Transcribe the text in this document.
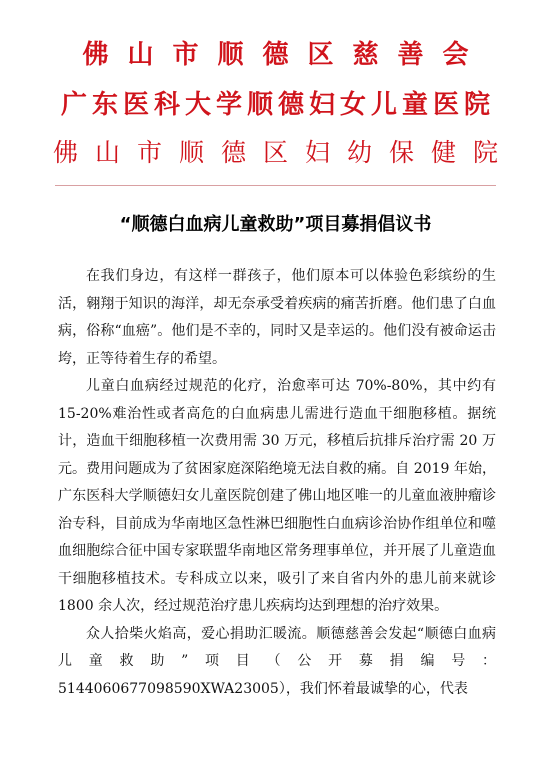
佛山市顺德区慈善会
广东医科大学顺德妇女儿童医院
佛山市顺德区妇幼保健院
“顺德白血病儿童救助”项目募捐倡议书

在我们身边，有这样一群孩子，他们原本可以体验色彩缤纷的生活，翱翔于知识的海洋，却无奈承受着疾病的痛苦折磨。他们患了白血病，俗称“血癌”。他们是不幸的，同时又是幸运的。他们没有被命运击垮，正等待着生存的希望。

儿童白血病经过规范的化疗，治愈率可达 70%-80%，其中约有 15-20%难治性或者高危的白血病患儿需进行造血干细胞移植。据统计，造血干细胞移植一次费用需 30 万元，移植后抗排斥治疗需 20 万元。费用问题成为了贫困家庭深陷绝境无法自救的痛。自 2019 年始，广东医科大学顺德妇女儿童医院创建了佛山地区唯一的儿童血液肿瘤诊治专科，目前成为华南地区急性淋巴细胞性白血病诊治协作组单位和噬血细胞综合征中国专家联盟华南地区常务理事单位，并开展了儿童造血干细胞移植技术。专科成立以来，吸引了来自省内外的患儿前来就诊 1800 余人次，经过规范治疗患儿疾病均达到理想的治疗效果。

众人拾柴火焰高，爱心捐助汇暖流。顺德慈善会发起“顺德白血病儿童救助”项目（公开募捐编号：5144060677098590XWA23005），我们怀着最诚挚的心，代表
